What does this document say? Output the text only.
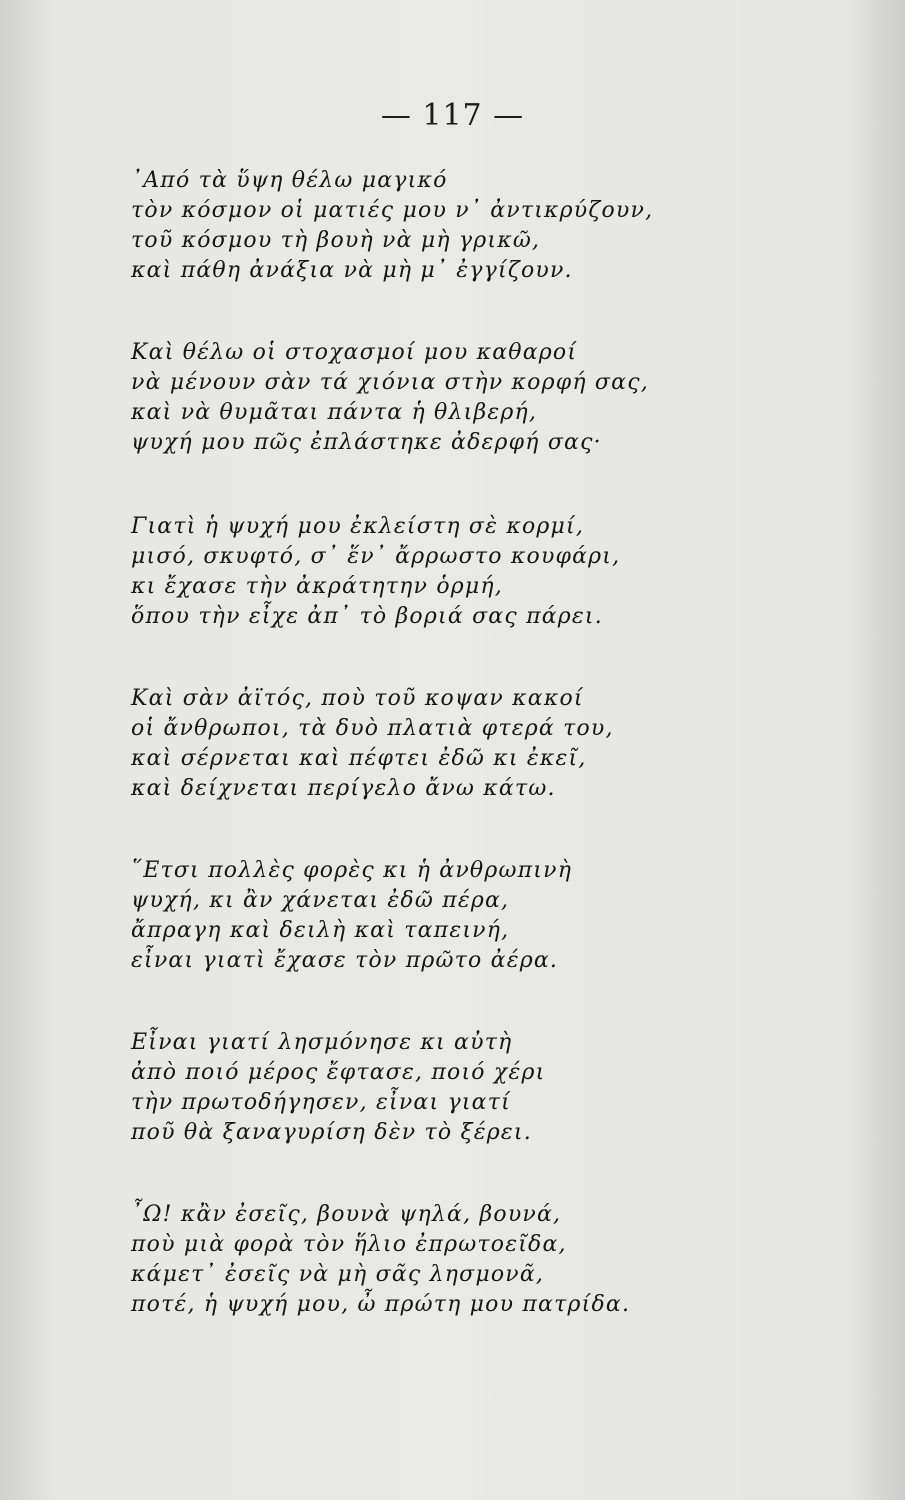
— 117 —
᾿Από τὰ ὕψη θέλω μαγικό
τὸν κόσμον οἱ ματιές μου ν᾿ ἀντικρύζουν,
τοῦ κόσμου τὴ βουὴ νὰ μὴ γρικῶ,
καὶ πάθη ἀνάξια νὰ μὴ μ᾿ ἐγγίζουν.
Καὶ θέλω οἱ στοχασμοί μου καθαροί
νὰ μένουν σὰν τά χιόνια στὴν κορφή σας,
καὶ νὰ θυμᾶται πάντα ἡ θλιβερή,
ψυχή μου πῶς ἐπλάστηκε ἀδερφή σας·
Γιατὶ ἡ ψυχή μου ἐκλείστη σὲ κορμί,
μισό, σκυφτό, σ᾿ ἕν᾿ ἄρρωστο κουφάρι,
κι ἔχασε τὴν ἀκράτητην ὁρμή,
ὅπου τὴν εἶχε ἀπ᾿ τὸ βοριά σας πάρει.
Καὶ σὰν ἀϊτός, ποὺ τοῦ κοψαν κακοί
οἱ ἄνθρωποι, τὰ δυὸ πλατιὰ φτερά του,
καὶ σέρνεται καὶ πέφτει ἐδῶ κι ἐκεῖ,
καὶ δείχνεται περίγελο ἄνω κάτω.
῞Ετσι πολλὲς φορὲς κι ἡ ἀνθρωπινὴ
ψυχή, κι ἂν χάνεται ἐδῶ πέρα,
ἄπραγη καὶ δειλὴ καὶ ταπεινή,
εἶναι γιατὶ ἔχασε τὸν πρῶτο ἀέρα.
Εἶναι γιατί λησμόνησε κι αὐτὴ
ἀπὸ ποιό μέρος ἔφτασε, ποιό χέρι
τὴν πρωτοδήγησεν, εἶναι γιατί
ποῦ θὰ ξαναγυρίση δὲν τὸ ξέρει.
῏Ω! κἂν ἐσεῖς, βουνὰ ψηλά, βουνά,
ποὺ μιὰ φορὰ τὸν ἥλιο ἐπρωτοεῖδα,
κάμετ᾿ ἐσεῖς νὰ μὴ σᾶς λησμονᾶ,
ποτέ, ἡ ψυχή μου, ὦ πρώτη μου πατρίδα.
